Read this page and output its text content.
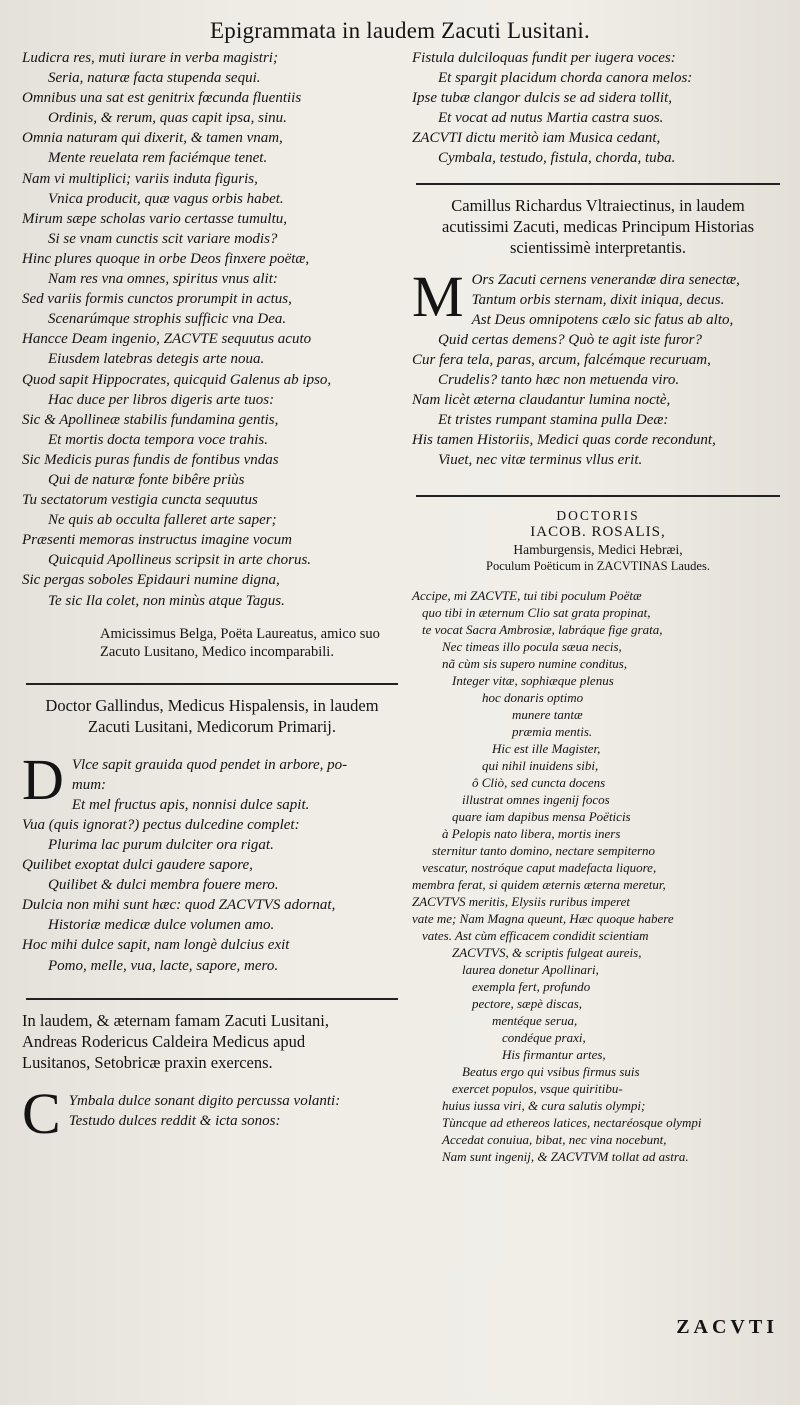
Epigrammata in laudem Zacuti Lusitani.
Ludicra res, muti iurare in verba magistri;
Seria, naturæ facta stupenda sequi.
Omnibus una sat est genitrix fœcunda fluentiis
Ordinis, & rerum, quas capit ipsa, sinu.
Omnia naturam qui dixerit, & tamen vnam,
Mente reuelata rem faciémque tenet.
Nam vi multiplici; variis induta figuris,
Vnica producit, quæ vagus orbis habet.
Mirum sæpe scholas vario certasse tumultu,
Si se vnam cunctis scit variare modis?
Hinc plures quoque in orbe Deos finxere poëtæ,
Nam res vna omnes, spiritus vnus alit:
Sed variis formis cunctos prorumpit in actus,
Scenarúmque strophis sufficic vna Dea.
Hancce Deam ingenio, ZACVTE sequutus acuto
Eiusdem latebras detegis arte noua.
Quod sapit Hippocrates, quicquid Galenus ab ipso,
Hac duce per libros digeris arte tuos:
Sic & Apollineæ stabilis fundamina gentis,
Et mortis docta tempora voce trahis.
Sic Medicis puras fundis de fontibus vndas
Qui de naturæ fonte bibêre priùs
Tu sectatorum vestigia cuncta sequutus
Ne quis ab occulta falleret arte saper;
Præsenti memoras instructus imagine vocum
Quicquid Apollineus scripsit in arte chorus.
Sic pergas soboles Epidauri numine digna,
Te sic Ila colet, non minùs atque Tagus.
Amicissimus Belga, Poëta Laureatus, amico suo Zacuto Lusitano, Medico incomparabili.
Doctor Gallindus, Medicus Hispalensis, in laudem Zacuti Lusitani, Medicorum Primarij.
D Vlce sapit grauida quod pendet in arbore, po-
mum:
Et mel fructus apis, nonnisi dulce sapit.
Vua (quis ignorat?) pectus dulcedine complet:
Plurima lac purum dulciter ora rigat.
Quilibet exoptat dulci gaudere sapore,
Quilibet & dulci membra fouere mero.
Dulcia non mihi sunt hæc: quod ZACVTVS adornat,
Historiæ medicæ dulce volumen amo.
Hoc mihi dulce sapit, nam longè dulcius exit
Pomo, melle, vua, lacte, sapore, mero.
In laudem, & æternam famam Zacuti Lusitani, Andreas Rodericus Caldeira Medicus apud Lusitanos, Setobricæ praxin exercens.
C Ymbala dulce sonant digito percussa volanti:
Testudo dulces reddit & icta sonos:
Fistula dulciloquas fundit per iugera voces:
Et spargit placidum chorda canora melos:
Ipse tubæ clangor dulcis se ad sidera tollit,
Et vocat ad nutus Martia castra suos.
ZACVTI dictu meritò iam Musica cedant,
Cymbala, testudo, fistula, chorda, tuba.
Camillus Richardus Vltraiectinus, in laudem acutissimi Zacuti, medicas Principum Historias scientissimè interpretantis.
M Ors Zacuti cernens venerandæ dira senectæ,
Tantum orbis sternam, dixit iniqua, decus.
Ast Deus omnipotens cælo sic fatus ab alto,
Quid certas demens? Quò te agit iste furor?
Cur fera tela, paras, arcum, falcémque recuruam,
Crudelis? tanto hæc non metuenda viro.
Nam licèt æterna claudantur lumina noctè,
Et tristes rumpant stamina pulla Deæ:
His tamen Historiis, Medici quas corde recondunt,
Viuet, nec vitæ terminus vllus erit.
DOCTORIS
IACOB. ROSALIS,
Hamburgensis, Medici Hebræi,
Poculum Poëticum in ZACVTINAS Laudes.
Accipe, mi ZACVTE, tui tibi poculum Poëtæ
quo tibi in æternum Clio sat grata propinat,
te vocat Sacra Ambrosiæ, labráque fige grata,
Nec timeas illo pocula sæua necis,
nã cùm sis supero numine conditus,
Integer vitæ, sophiæque plenus
hoc donaris optimo
munere tantæ
præmia mentis.
Hic est ille Magister,
qui nihil inuidens sibi,
ô Cliò, sed cuncta docens
illustrat omnes ingenij focos
quare iam dapibus mensa Poëticis
à Pelopis nato libera, mortis iners
sternitur tanto domino, nectare sempiterno
vescatur, nostróque caput madefacta liquore,
membra ferat, si quidem æternis æterna meretur,
ZACVTVS meritis, Elysiis ruribus imperet
vate me; Nam Magna queunt, Hæc quoque habere
vates. Ast cùm efficacem condidit scientiam
ZACVTVS, & scriptis fulgeat aureis,
laurea donetur Apollinari,
exempla fert, profundo
pectore, sæpè discas,
mentéque serua,
condéque praxi,
His firmantur artes,
Beatus ergo qui vsibus firmus suis
exercet populos, vsque quiritibu-
huius iussa viri, & cura salutis olympi;
Tùncque ad ethereos latices, nectaréosque olympi
Accedat conuiua, bibat, nec vina nocebunt,
Nam sunt ingenij, & ZACVTVM tollat ad astra.
ZACVTI
